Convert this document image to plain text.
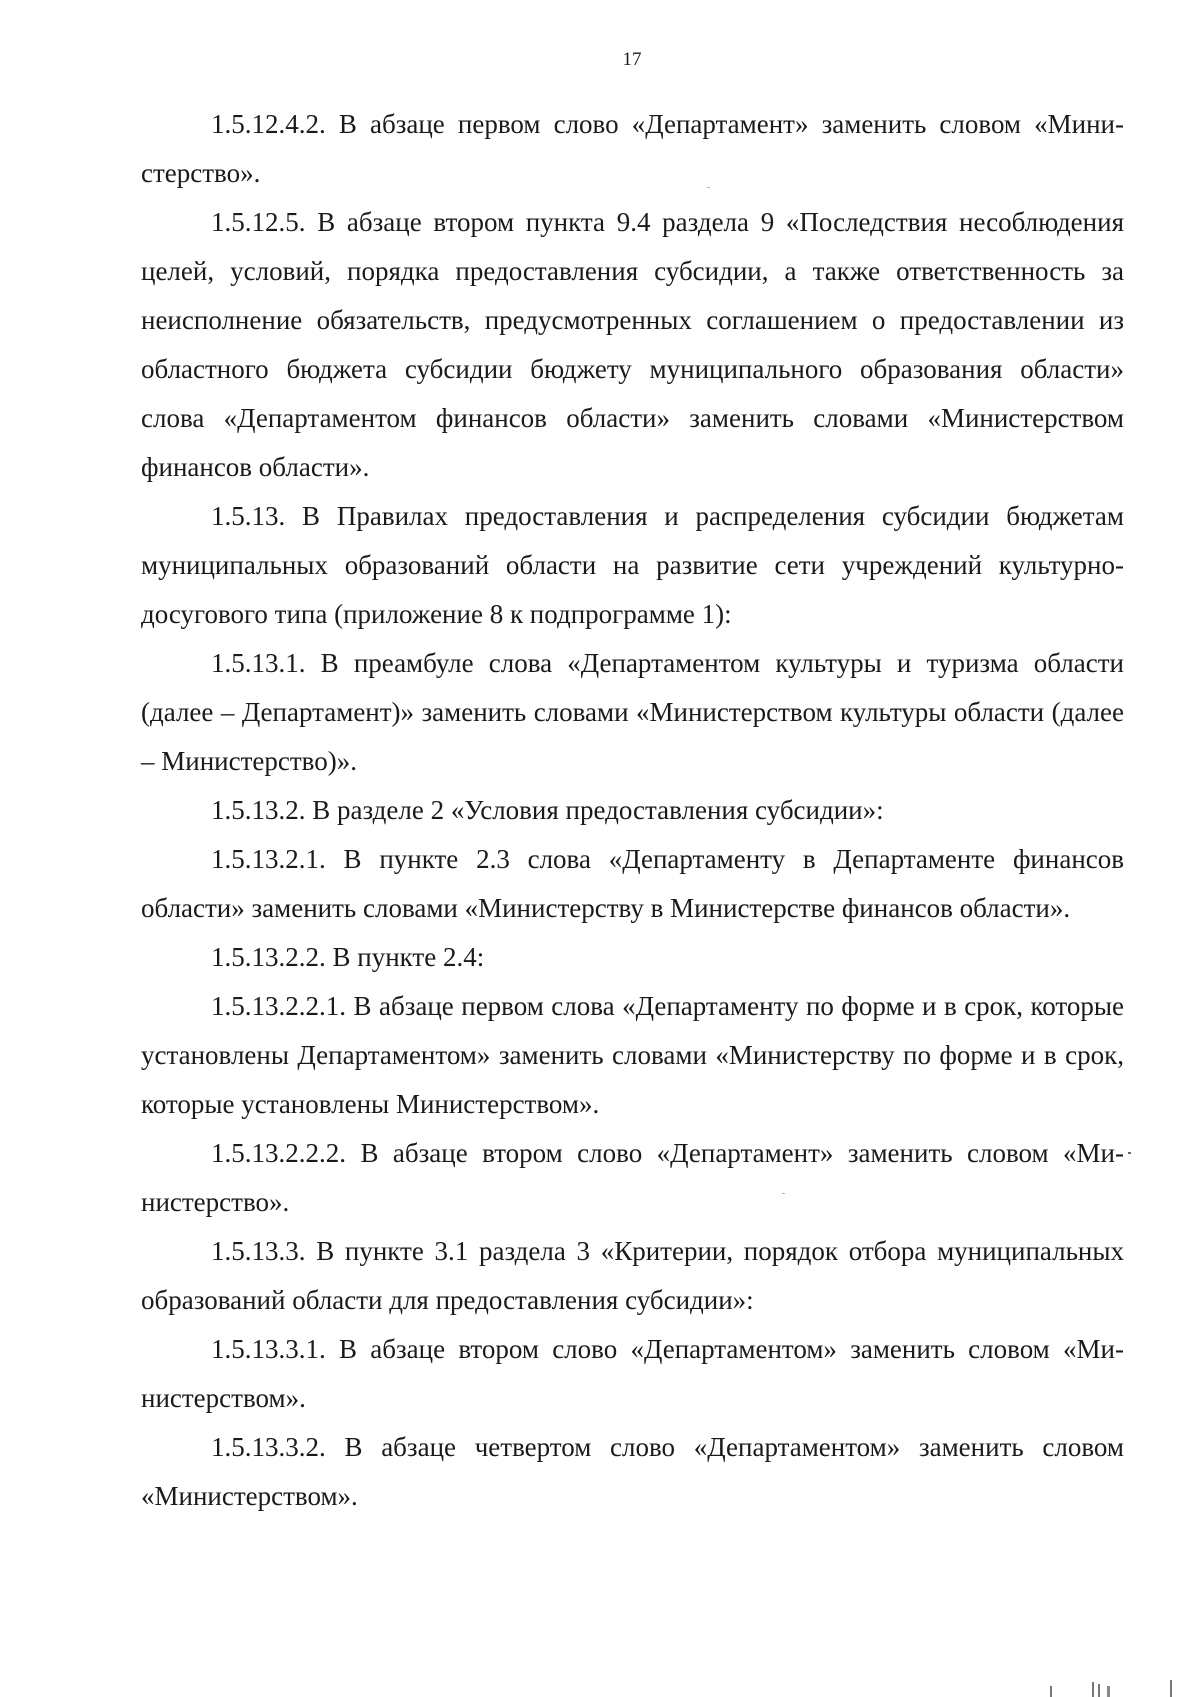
17

1.5.12.4.2. В абзаце первом слово «Департамент» заменить словом «Министерство».

1.5.12.5. В абзаце втором пункта 9.4 раздела 9 «Последствия несоблюдения целей, условий, порядка предоставления субсидии, а также ответственность за неисполнение обязательств, предусмотренных соглашением о предоставлении из областного бюджета субсидии бюджету муниципального образования области» слова «Департаментом финансов области» заменить словами «Министерством финансов области».

1.5.13. В Правилах предоставления и распределения субсидии бюджетам муниципальных образований области на развитие сети учреждений культурно-досугового типа (приложение 8 к подпрограмме 1):

1.5.13.1. В преамбуле слова «Департаментом культуры и туризма области (далее – Департамент)» заменить словами «Министерством культуры области (далее – Министерство)».

1.5.13.2. В разделе 2 «Условия предоставления субсидии»:

1.5.13.2.1. В пункте 2.3 слова «Департаменту в Департаменте финансов области» заменить словами «Министерству в Министерстве финансов области».

1.5.13.2.2. В пункте 2.4:

1.5.13.2.2.1. В абзаце первом слова «Департаменту по форме и в срок, которые установлены Департаментом» заменить словами «Министерству по форме и в срок, которые установлены Министерством».

1.5.13.2.2.2. В абзаце втором слово «Департамент» заменить словом «Министерство».

1.5.13.3. В пункте 3.1 раздела 3 «Критерии, порядок отбора муниципальных образований области для предоставления субсидии»:

1.5.13.3.1. В абзаце втором слово «Департаментом» заменить словом «Министерством».

1.5.13.3.2. В абзаце четвертом слово «Департаментом» заменить словом «Министерством».
